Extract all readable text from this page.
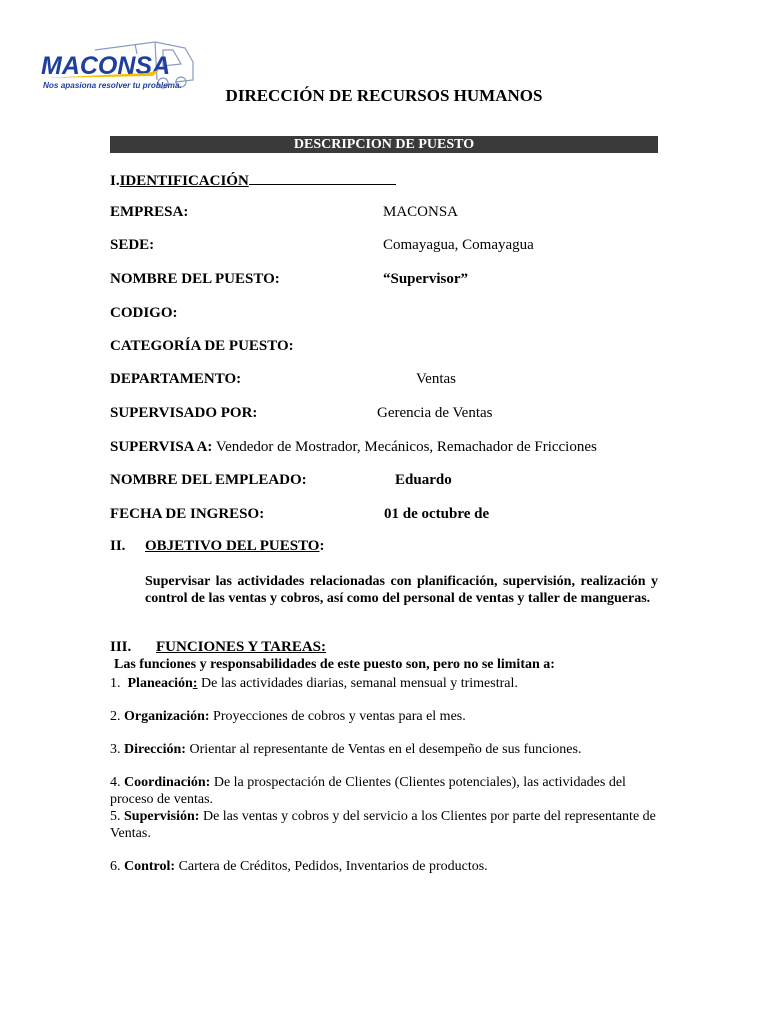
MACONSA
Nos apasiona resolver tu problema.
DIRECCIÓN DE RECURSOS HUMANOS
DESCRIPCION DE PUESTO
I.IDENTIFICACIÓN
EMPRESA:	MACONSA
SEDE:	Comayagua, Comayagua
NOMBRE DEL PUESTO:	“Supervisor”
CODIGO:
CATEGORÍA DE PUESTO:
DEPARTAMENTO:	Ventas
SUPERVISADO POR:	Gerencia de Ventas
SUPERVISA A: Vendedor de Mostrador, Mecánicos, Remachador de Fricciones
NOMBRE DEL EMPLEADO:	Eduardo
FECHA DE INGRESO:	01 de octubre de
II. OBJETIVO DEL PUESTO:
Supervisar las actividades relacionadas con planificación, supervisión, realización y control de las ventas y cobros, así como del personal de ventas y taller de mangueras.
III. FUNCIONES Y TAREAS:
Las funciones y responsabilidades de este puesto son, pero no se limitan a:
1. Planeación: De las actividades diarias, semanal mensual y trimestral.
2. Organización: Proyecciones de cobros y ventas para el mes.
3. Dirección: Orientar al representante de Ventas en el desempeño de sus funciones.
4. Coordinación: De la prospectación de Clientes (Clientes potenciales), las actividades del proceso de ventas.
5. Supervisión: De las ventas y cobros y del servicio a los Clientes por parte del representante de Ventas.
6. Control: Cartera de Créditos, Pedidos, Inventarios de productos.
